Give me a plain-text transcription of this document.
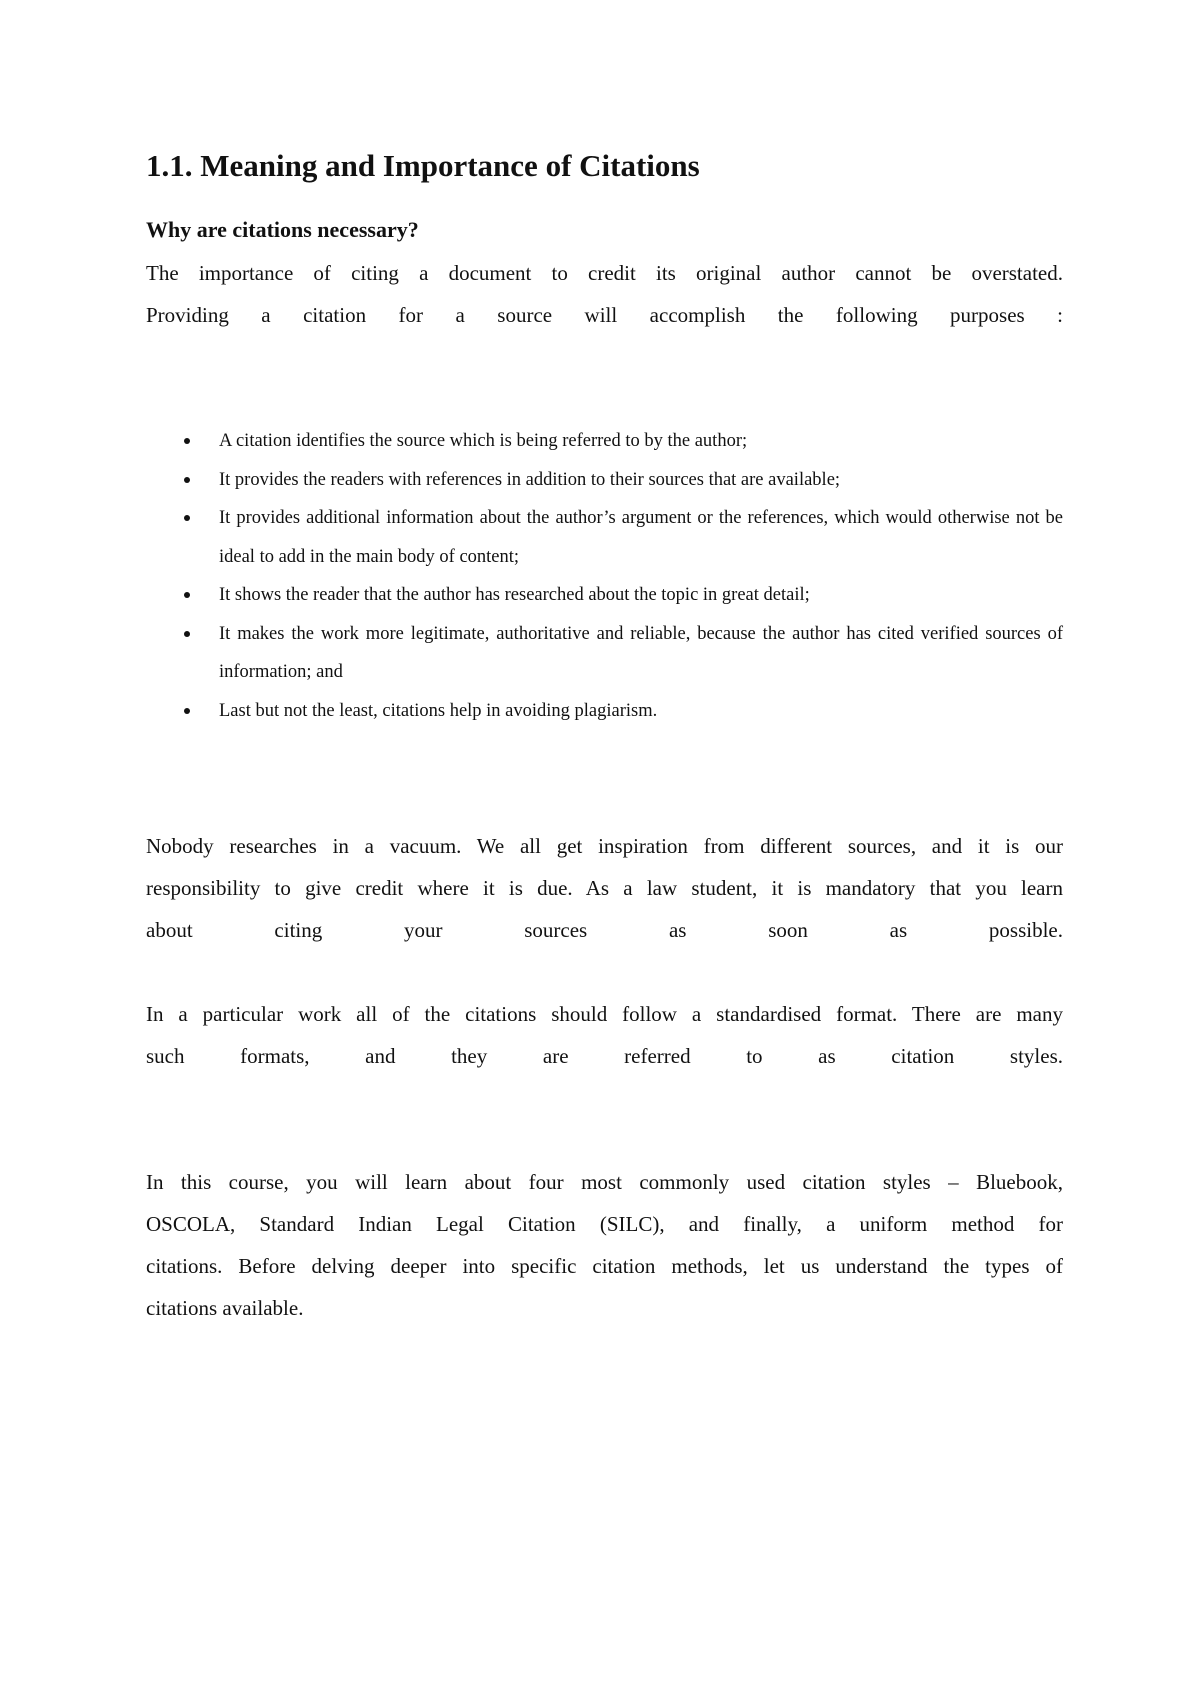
1.1. Meaning and Importance of Citations
Why are citations necessary?

The importance of citing a document to credit its original author cannot be overstated.

Providing a citation for a source will accomplish the following purposes :

A citation identifies the source which is being referred to by the author;
It provides the readers with references in addition to their sources that are available;
It provides additional information about the author’s argument or the references, which would otherwise not be ideal to add in the main body of content;
It shows the reader that the author has researched about the topic in great detail;
It makes the work more legitimate, authoritative and reliable, because the author has cited verified sources of information; and
Last but not the least, citations help in avoiding plagiarism.

Nobody researches in a vacuum. We all get inspiration from different sources, and it is our

responsibility to give credit where it is due. As a law student, it is mandatory that you learn

about citing your sources as soon as possible.

In a particular work all of the citations should follow a standardised format. There are many

such formats, and they are referred to as citation styles.

In this course, you will learn about four most commonly used citation styles – Bluebook,

OSCOLA, Standard Indian Legal Citation (SILC), and finally, a uniform method for

citations. Before delving deeper into specific citation methods, let us understand the types of

citations available.
